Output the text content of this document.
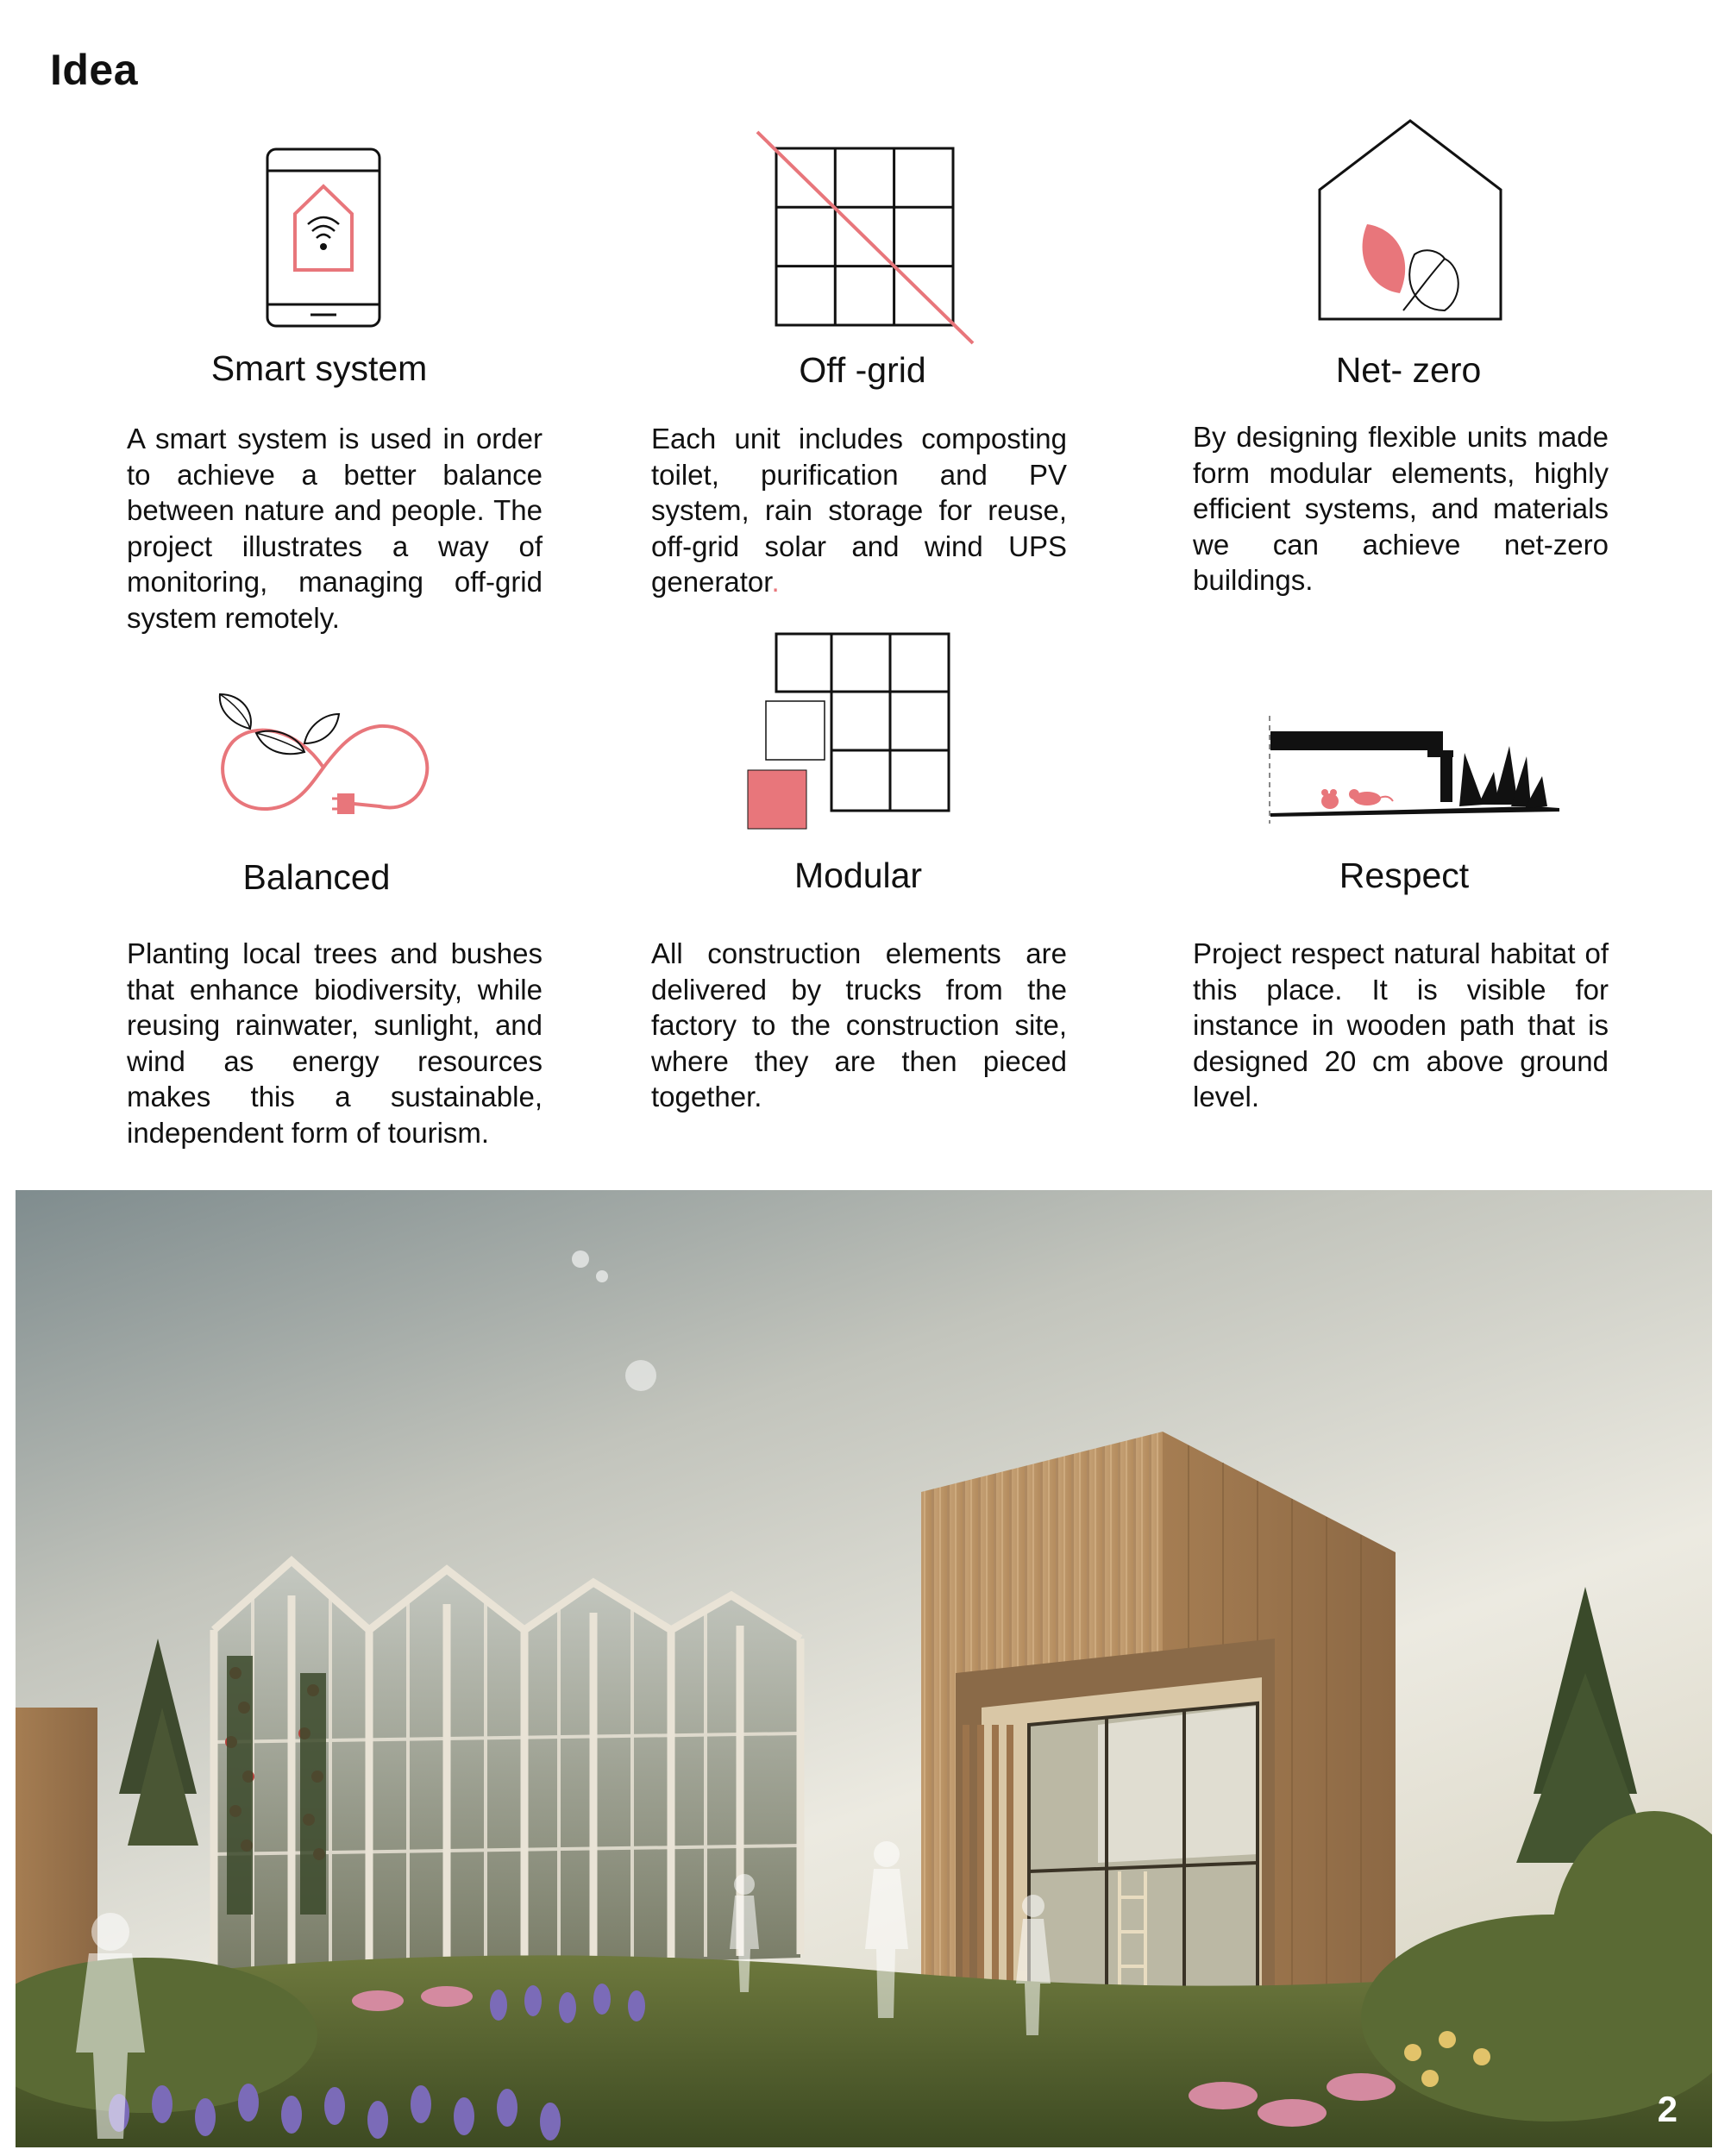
Idea
Smart system	Off -grid	Net- zero
A smart system is used in order to achieve a better balance between nature and people. The project illustrates a way of monitoring, managing off-grid system remotely.
Each unit includes composting toilet, purification and PV system, rain storage for reuse, off-grid solar and wind UPS generator.
By designing flexible units made form modular elements, highly efficient systems, and materials we can achieve net-zero buildings.
Balanced	Modular	Respect
Planting local trees and bushes that enhance biodiversity, while reusing rainwater, sunlight, and wind as energy resources makes this a sustainable, independent form of tourism.
All construction elements are delivered by trucks from the factory to the construction site, where they are then pieced together.
Project respect natural habitat of this place. It is visible for instance in wooden path that is designed 20 cm above ground level.
2
